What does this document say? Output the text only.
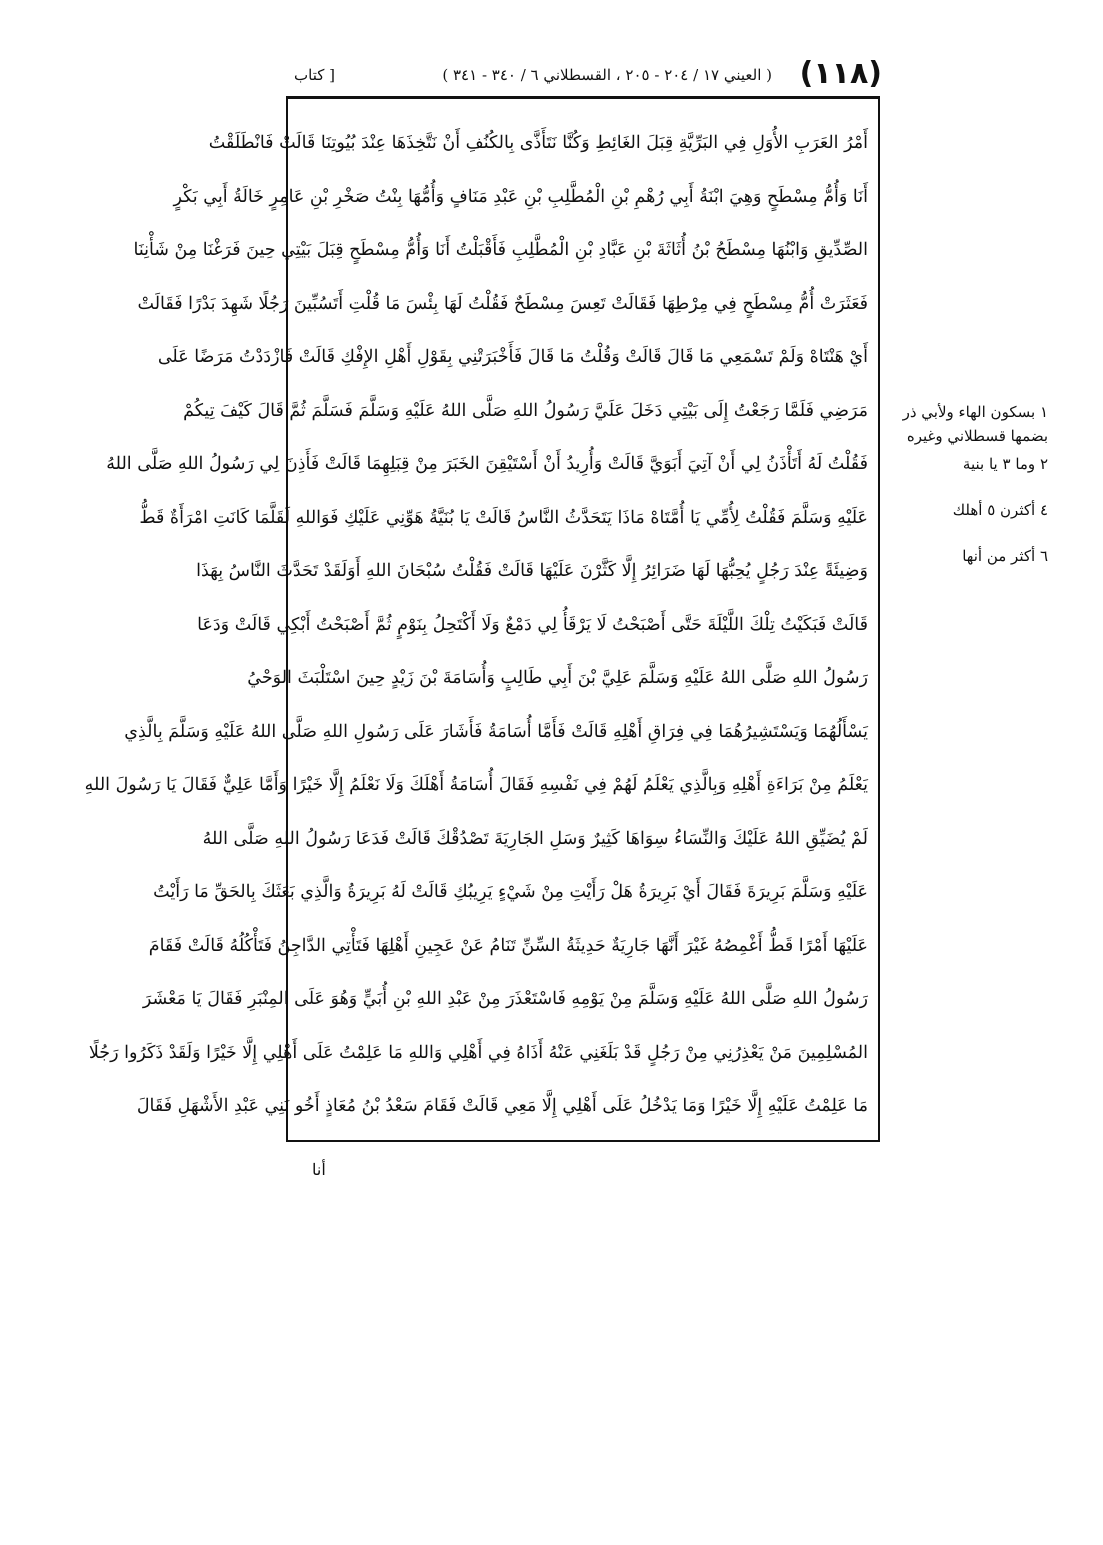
(١١٨)
( العيني ١٧ / ٢٠٤ - ٢٠٥ ، القسطلاني ٦ / ٣٤٠ - ٣٤١ )
[ كتاب
أَمْرُ العَرَبِ الأُوَلِ فِي البَرِّيَّةِ قِبَلَ الغَائِطِ وَكُنَّا نَتَأَذَّى بِالكُنُفِ أَنْ نَتَّخِذَهَا عِنْدَ بُيُوتِنَا قَالَتْ فَانْطَلَقْتُ
أَنَا وَأُمُّ مِسْطَحٍ وَهِيَ ابْنَةُ أَبِي رُهْمِ بْنِ الْمُطَّلِبِ بْنِ عَبْدِ مَنَافٍ وَأُمُّهَا بِنْتُ صَخْرِ بْنِ عَامِرٍ خَالَةُ أَبِي بَكْرٍ
الصِّدِّيقِ وَابْنُهَا مِسْطَحُ بْنُ أُثَاثَةَ بْنِ عَبَّادِ بْنِ الْمُطَّلِبِ فَأَقْبَلْتُ أَنَا وَأُمُّ مِسْطَحٍ قِبَلَ بَيْتِي حِينَ فَرَغْنَا مِنْ شَأْنِنَا
فَعَثَرَتْ أُمُّ مِسْطَحٍ فِي مِرْطِهَا فَقَالَتْ تَعِسَ مِسْطَحٌ فَقُلْتُ لَهَا بِئْسَ مَا قُلْتِ أَتَسُبِّينَ رَجُلًا شَهِدَ بَدْرًا فَقَالَتْ
أَيْ هَنْتَاهْ وَلَمْ تَسْمَعِي مَا قَالَ قَالَتْ وَقُلْتُ مَا قَالَ فَأَخْبَرَتْنِي بِقَوْلِ أَهْلِ الإِفْكِ قَالَتْ فَازْدَدْتُ مَرَضًا عَلَى
مَرَضِي فَلَمَّا رَجَعْتُ إِلَى بَيْتِي دَخَلَ عَلَيَّ رَسُولُ اللهِ صَلَّى اللهُ عَلَيْهِ وَسَلَّمَ فَسَلَّمَ ثُمَّ قَالَ كَيْفَ تِيكُمْ
فَقُلْتُ لَهُ أَتَأْذَنُ لِي أَنْ آتِيَ أَبَوَيَّ قَالَتْ وَأُرِيدُ أَنْ أَسْتَيْقِنَ الخَبَرَ مِنْ قِبَلِهِمَا قَالَتْ فَأَذِنَ لِي رَسُولُ اللهِ صَلَّى اللهُ
عَلَيْهِ وَسَلَّمَ فَقُلْتُ لِأُمِّي يَا أُمَّتَاهْ مَاذَا يَتَحَدَّثُ النَّاسُ قَالَتْ يَا بُنَيَّةُ هَوِّنِي عَلَيْكِ فَوَاللهِ لَقَلَّمَا كَانَتِ امْرَأَةٌ قَطُّ
وَضِيئَةً عِنْدَ رَجُلٍ يُحِبُّهَا لَهَا ضَرَائِرُ إِلَّا كَثَّرْنَ عَلَيْهَا قَالَتْ فَقُلْتُ سُبْحَانَ اللهِ أَوَلَقَدْ تَحَدَّثَ النَّاسُ بِهَذَا
قَالَتْ فَبَكَيْتُ تِلْكَ اللَّيْلَةَ حَتَّى أَصْبَحْتُ لَا يَرْقَأُ لِي دَمْعٌ وَلَا أَكْتَحِلُ بِنَوْمٍ ثُمَّ أَصْبَحْتُ أَبْكِي قَالَتْ وَدَعَا
رَسُولُ اللهِ صَلَّى اللهُ عَلَيْهِ وَسَلَّمَ عَلِيَّ بْنَ أَبِي طَالِبٍ وَأُسَامَةَ بْنَ زَيْدٍ حِينَ اسْتَلْبَثَ الوَحْيُ
يَسْأَلُهُمَا وَيَسْتَشِيرُهُمَا فِي فِرَاقِ أَهْلِهِ قَالَتْ فَأَمَّا أُسَامَةُ فَأَشَارَ عَلَى رَسُولِ اللهِ صَلَّى اللهُ عَلَيْهِ وَسَلَّمَ بِالَّذِي
يَعْلَمُ مِنْ بَرَاءَةِ أَهْلِهِ وَبِالَّذِي يَعْلَمُ لَهُمْ فِي نَفْسِهِ فَقَالَ أُسَامَةُ أَهْلَكَ وَلَا نَعْلَمُ إِلَّا خَيْرًا وَأَمَّا عَلِيٌّ فَقَالَ يَا رَسُولَ اللهِ
لَمْ يُضَيِّقِ اللهُ عَلَيْكَ وَالنِّسَاءُ سِوَاهَا كَثِيرٌ وَسَلِ الجَارِيَةَ تَصْدُقْكَ قَالَتْ فَدَعَا رَسُولُ اللهِ صَلَّى اللهُ
عَلَيْهِ وَسَلَّمَ بَرِيرَةَ فَقَالَ أَيْ بَرِيرَةُ هَلْ رَأَيْتِ مِنْ شَيْءٍ يَرِيبُكِ قَالَتْ لَهُ بَرِيرَةُ وَالَّذِي بَعَثَكَ بِالحَقِّ مَا رَأَيْتُ
عَلَيْهَا أَمْرًا قَطُّ أَغْمِصُهُ غَيْرَ أَنَّهَا جَارِيَةٌ حَدِيثَةُ السِّنِّ تَنَامُ عَنْ عَجِينِ أَهْلِهَا فَتَأْتِي الدَّاجِنُ فَتَأْكُلُهُ قَالَتْ فَقَامَ
رَسُولُ اللهِ صَلَّى اللهُ عَلَيْهِ وَسَلَّمَ مِنْ يَوْمِهِ فَاسْتَعْذَرَ مِنْ عَبْدِ اللهِ بْنِ أُبَيٍّ وَهُوَ عَلَى المِنْبَرِ فَقَالَ يَا مَعْشَرَ
المُسْلِمِينَ مَنْ يَعْذِرُنِي مِنْ رَجُلٍ قَدْ بَلَغَنِي عَنْهُ أَذَاهُ فِي أَهْلِي وَاللهِ مَا عَلِمْتُ عَلَى أَهْلِي إِلَّا خَيْرًا وَلَقَدْ ذَكَرُوا رَجُلًا
مَا عَلِمْتُ عَلَيْهِ إِلَّا خَيْرًا وَمَا يَدْخُلُ عَلَى أَهْلِي إِلَّا مَعِي قَالَتْ فَقَامَ سَعْدُ بْنُ مُعَاذٍ أَخُو بَنِي عَبْدِ الأَشْهَلِ فَقَالَ
١ بسكون الهاء ولأبي ذر
بضمها قسطلاني وغيره
٢ وما ٣ يا بنية
٤ أكثرن ٥ أهلك
٦ أكثر من أنها
أنا
